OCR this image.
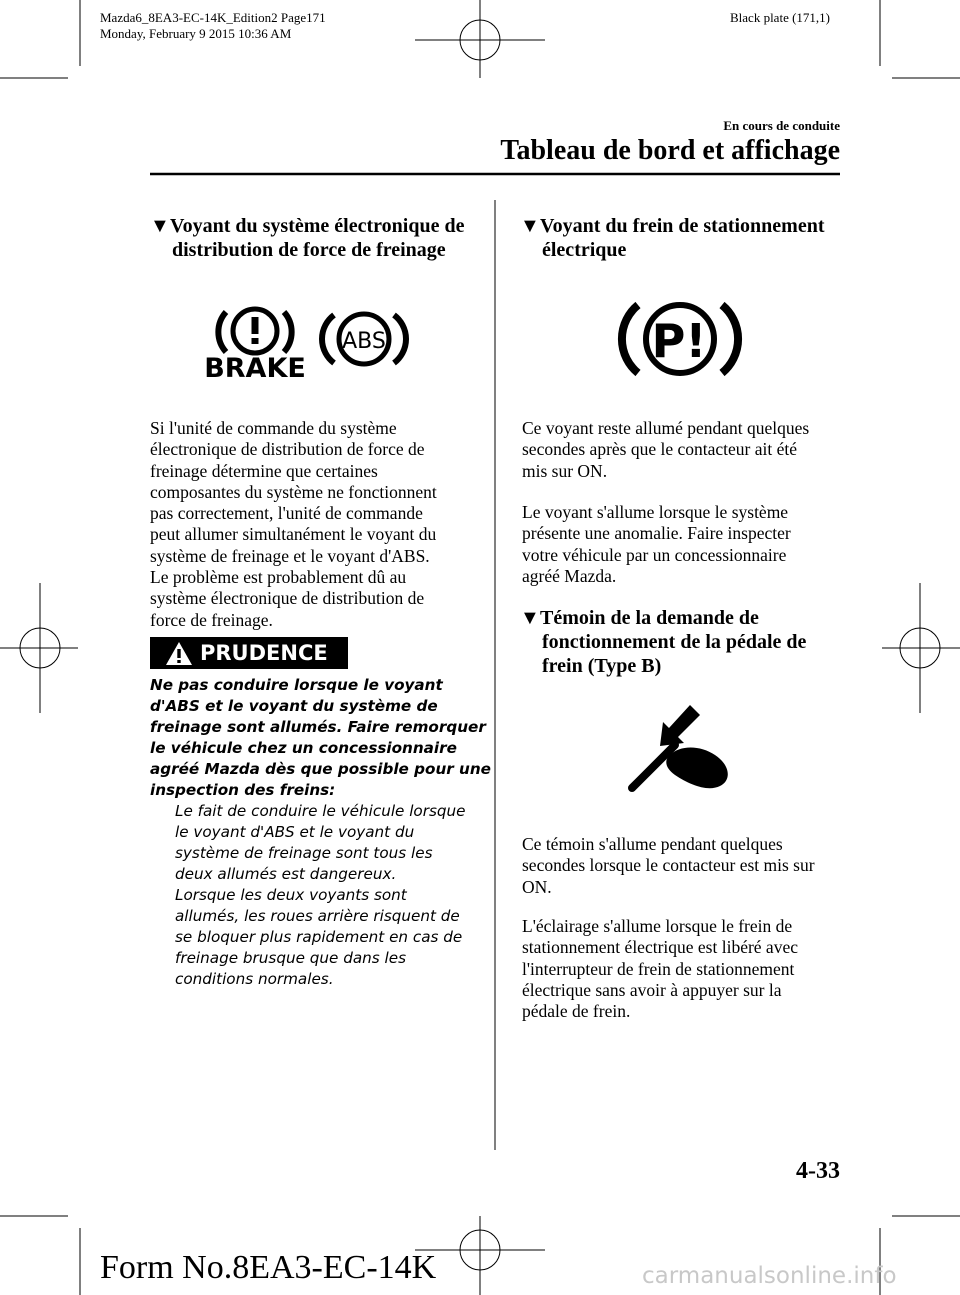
Mazda6_8EA3-EC-14K_Edition2 Page171
Monday, February 9 2015 10:36 AM
Black plate (171,1)
En cours de conduite
Tableau de bord et affichage
▼Voyant du système électronique de
distribution de force de freinage
BRAKE
ABS
Si l'unité de commande du système
électronique de distribution de force de
freinage détermine que certaines
composantes du système ne fonctionnent
pas correctement, l'unité de commande
peut allumer simultanément le voyant du
système de freinage et le voyant d'ABS.
Le problème est probablement dû au
système électronique de distribution de
force de freinage.
PRUDENCE
Ne pas conduire lorsque le voyant
d'ABS et le voyant du système de
freinage sont allumés. Faire remorquer
le véhicule chez un concessionnaire
agréé Mazda dès que possible pour une
inspection des freins:
Le fait de conduire le véhicule lorsque
le voyant d'ABS et le voyant du
système de freinage sont tous les
deux allumés est dangereux.
Lorsque les deux voyants sont
allumés, les roues arrière risquent de
se bloquer plus rapidement en cas de
freinage brusque que dans les
conditions normales.
▼Voyant du frein de stationnement
électrique
P!
Ce voyant reste allumé pendant quelques
secondes après que le contacteur ait été
mis sur ON.
Le voyant s'allume lorsque le système
présente une anomalie. Faire inspecter
votre véhicule par un concessionnaire
agréé Mazda.
▼Témoin de la demande de
fonctionnement de la pédale de
frein (Type B)
Ce témoin s'allume pendant quelques
secondes lorsque le contacteur est mis sur
ON.
L'éclairage s'allume lorsque le frein de
stationnement électrique est libéré avec
l'interrupteur de frein de stationnement
électrique sans avoir à appuyer sur la
pédale de frein.
4-33
Form No.8EA3-EC-14K	carmanualsonline.info
